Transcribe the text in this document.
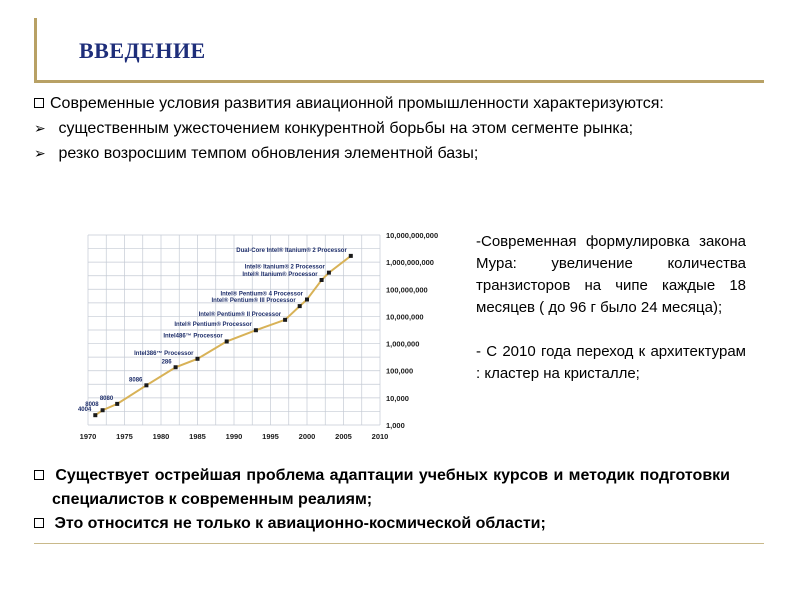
ВВЕДЕНИЕ

Современные условия развития авиационной промышленности характеризуются:

➢ существенным ужесточением конкурентной борьбы на этом сегменте рынка;

➢ резко возросшим темпом обновления элементной базы;

1970	1975	1980	1985	1990	1995	2000	2005	2010
1,000
10,000
100,000
1,000,000
10,000,000
100,000,000
1,000,000,000
10,000,000,000
4004
8008
8080
8086
286
Intel386™ Processor
Intel486™ Processor
Intel® Pentium® Processor
Intel® Pentium® II Processor
Intel® Pentium® III Processor
Intel® Pentium® 4 Processor
Intel® Itanium® Processor
Intel® Itanium® 2 Processor
Dual-Core Intel® Itanium® 2 Processor

-Современная формулировка закона Мура: увеличение количества транзисторов на чипе каждые 18 месяцев ( до 96 г было 24 месяца);

- С 2010 года переход к архитектурам : кластер на кристалле;

Существует острейшая проблема адаптации учебных курсов и методик подготовки специалистов к современным реалиям;

Это относится не только к авиационно-космической области;
